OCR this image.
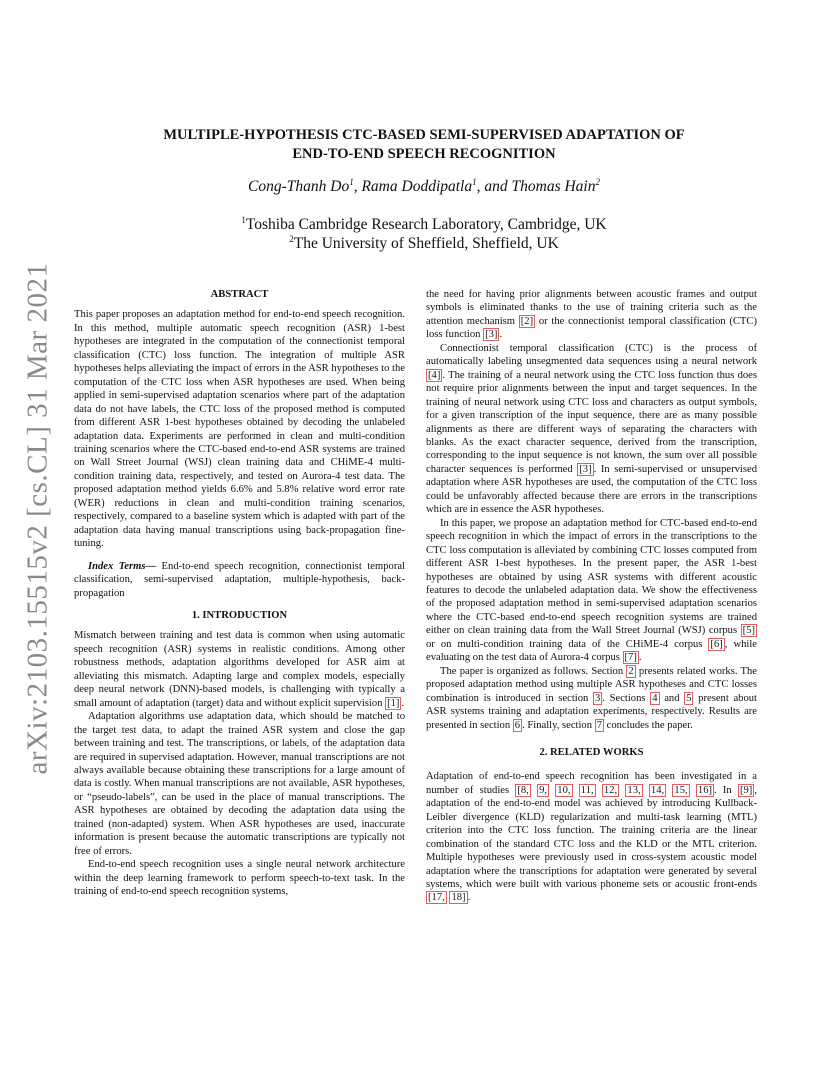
arXiv:2103.15515v2 [cs.CL] 31 Mar 2021
MULTIPLE-HYPOTHESIS CTC-BASED SEMI-SUPERVISED ADAPTATION OF
END-TO-END SPEECH RECOGNITION
Cong-Thanh Do$^1$, Rama Doddipatla$^1$, and Thomas Hain$^2$
$^1$Toshiba Cambridge Research Laboratory, Cambridge, UK
$^2$The University of Sheffield, Sheffield, UK
ABSTRACT

This paper proposes an adaptation method for end-to-end speech recognition. In this method, multiple automatic speech recognition (ASR) 1-best hypotheses are integrated in the computation of the connectionist temporal classification (CTC) loss function. The integration of multiple ASR hypotheses helps alleviating the impact of errors in the ASR hypotheses to the computation of the CTC loss when ASR hypotheses are used. When being applied in semi-supervised adaptation scenarios where part of the adaptation data do not have labels, the CTC loss of the proposed method is computed from different ASR 1-best hypotheses obtained by decoding the unlabeled adaptation data. Experiments are performed in clean and multi-condition training scenarios where the CTC-based end-to-end ASR systems are trained on Wall Street Journal (WSJ) clean training data and CHiME-4 multi-condition training data, respectively, and tested on Aurora-4 test data. The proposed adaptation method yields 6.6% and 5.8% relative word error rate (WER) reductions in clean and multi-condition training scenarios, respectively, compared to a baseline system which is adapted with part of the adaptation data having manual transcriptions using back-propagation fine-tuning.

Index Terms— End-to-end speech recognition, connectionist temporal classification, semi-supervised adaptation, multiple-hypothesis, back-propagation

1. INTRODUCTION

Mismatch between training and test data is common when using automatic speech recognition (ASR) systems in realistic conditions. Among other robustness methods, adaptation algorithms developed for ASR aim at alleviating this mismatch. Adapting large and complex models, especially deep neural network (DNN)-based models, is challenging with typically a small amount of adaptation (target) data and without explicit supervision [1] .

Adaptation algorithms use adaptation data, which should be matched to the target test data, to adapt the trained ASR system and close the gap between training and test. The transcriptions, or labels, of the adaptation data are required in supervised adaptation. However, manual transcriptions are not always available because obtaining these transcriptions for a large amount of data is costly. When manual transcriptions are not available, ASR hypotheses, or “pseudo-labels”, can be used in the place of manual transcriptions. The ASR hypotheses are obtained by decoding the adaptation data using the trained (non-adapted) system. When ASR hypotheses are used, inaccurate information is present because the automatic transcriptions are typically not free of errors.

End-to-end speech recognition uses a single neural network architecture within the deep learning framework to perform speech-to-text task. In the training of end-to-end speech recognition systems,

the need for having prior alignments between acoustic frames and output symbols is eliminated thanks to the use of training criteria such as the attention mechanism [2] or the connectionist temporal classification (CTC) loss function [3] .

Connectionist temporal classification (CTC) is the process of automatically labeling unsegmented data sequences using a neural network [4] . The training of a neural network using the CTC loss function thus does not require prior alignments between the input and target sequences. In the training of neural network using CTC loss and characters as output symbols, for a given transcription of the input sequence, there are as many possible alignments as there are different ways of separating the characters with blanks. As the exact character sequence, derived from the transcription, corresponding to the input sequence is not known, the sum over all possible character sequences is performed [3] . In semi-supervised or unsupervised adaptation where ASR hypotheses are used, the computation of the CTC loss could be unfavorably affected because there are errors in the transcriptions which are in essence the ASR hypotheses.

In this paper, we propose an adaptation method for CTC-based end-to-end speech recognition in which the impact of errors in the transcriptions to the CTC loss computation is alleviated by combining CTC losses computed from different ASR 1-best hypotheses. In the present paper, the ASR 1-best hypotheses are obtained by using ASR systems with different acoustic features to decode the unlabeled adaptation data. We show the effectiveness of the proposed adaptation method in semi-supervised adaptation scenarios where the CTC-based end-to-end speech recognition systems are trained either on clean training data from the Wall Street Journal (WSJ) corpus [5] or on multi-condition training data of the CHiME-4 corpus [6] , while evaluating on the test data of Aurora-4 corpus [7] .

The paper is organized as follows. Section 2 presents related works. The proposed adaptation method using multiple ASR hypotheses and CTC losses combination is introduced in section 3 . Sections 4 and 5 present about ASR systems training and adaptation experiments, respectively. Results are presented in section 6 . Finally, section 7 concludes the paper.

2. RELATED WORKS

Adaptation of end-to-end speech recognition has been investigated in a number of studies [8, 9, 10, 11, 12, 13, 14, 15, 16] . In [9] , adaptation of the end-to-end model was achieved by introducing Kullback-Leibler divergence (KLD) regularization and multi-task learning (MTL) criterion into the CTC loss function. The training criteria are the linear combination of the standard CTC loss and the KLD or the MTL criterion. Multiple hypotheses were previously used in cross-system acoustic model adaptation where the transcriptions for adaptation were generated by several systems, which were built with various phoneme sets or acoustic front-ends [17, 18] .
